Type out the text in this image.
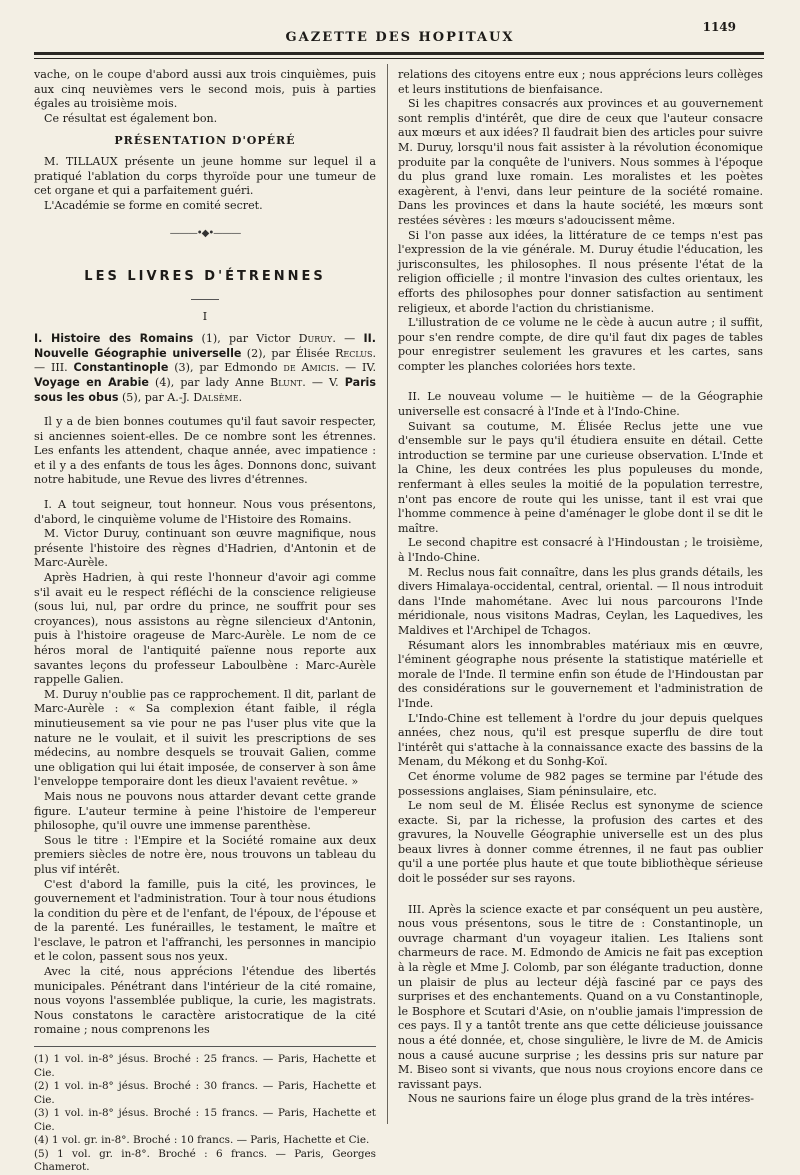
GAZETTE DES HOPITAUX
1149

vache, on le coupe d'abord aussi aux trois cinquièmes, puis aux cinq neuvièmes vers le second mois, puis à parties égales au troisième mois.

Ce résultat est également bon.

PRÉSENTATION D'OPÉRÉ

M. TILLAUX présente un jeune homme sur lequel il a pratiqué l'ablation du corps thyroïde pour une tumeur de cet organe et qui a parfaitement guéri.

L'Académie se forme en comité secret.

———•◆•———
LES LIVRES D'ÉTRENNES
I

I. Histoire des Romains (1), par Victor Duruy. — II. Nouvelle Géographie universelle (2), par Élisée Reclus. — III. Constantinople (3), par Edmondo de Amicis. — IV. Voyage en Arabie (4), par lady Anne Blunt. — V. Paris sous les obus (5), par A.-J. Dalsème.

Il y a de bien bonnes coutumes qu'il faut savoir respecter, si anciennes soient-elles. De ce nombre sont les étrennes. Les enfants les attendent, chaque année, avec impatience : et il y a des enfants de tous les âges. Donnons donc, suivant notre habitude, une Revue des livres d'étrennes.

I. A tout seigneur, tout honneur. Nous vous présentons, d'abord, le cinquième volume de l'Histoire des Romains.

M. Victor Duruy, continuant son œuvre magnifique, nous présente l'histoire des règnes d'Hadrien, d'Antonin et de Marc-Aurèle.

Après Hadrien, à qui reste l'honneur d'avoir agi comme s'il avait eu le respect réfléchi de la conscience religieuse (sous lui, nul, par ordre du prince, ne souffrit pour ses croyances), nous assistons au règne silencieux d'Antonin, puis à l'histoire orageuse de Marc-Aurèle. Le nom de ce héros moral de l'antiquité païenne nous reporte aux savantes leçons du professeur Laboulbène : Marc-Aurèle rappelle Galien.

M. Duruy n'oublie pas ce rapprochement. Il dit, parlant de Marc-Aurèle : « Sa complexion étant faible, il régla minutieusement sa vie pour ne pas l'user plus vite que la nature ne le voulait, et il suivit les prescriptions de ses médecins, au nombre desquels se trouvait Galien, comme une obligation qui lui était imposée, de conserver à son âme l'enveloppe temporaire dont les dieux l'avaient revêtue. »

Mais nous ne pouvons nous attarder devant cette grande figure. L'auteur termine à peine l'histoire de l'empereur philosophe, qu'il ouvre une immense parenthèse.

Sous le titre : l'Empire et la Société romaine aux deux premiers siècles de notre ère, nous trouvons un tableau du plus vif intérêt.

C'est d'abord la famille, puis la cité, les provinces, le gouvernement et l'administration. Tour à tour nous étudions la condition du père et de l'enfant, de l'époux, de l'épouse et de la parenté. Les funérailles, le testament, le maître et l'esclave, le patron et l'affranchi, les personnes in mancipio et le colon, passent sous nos yeux.

Avec la cité, nous apprécions l'étendue des libertés municipales. Pénétrant dans l'intérieur de la cité romaine, nous voyons l'assemblée publique, la curie, les magistrats. Nous constatons le caractère aristocratique de la cité romaine ; nous comprenons les

(1) 1 vol. in-8° jésus. Broché : 25 francs. — Paris, Hachette et Cie.

(2) 1 vol. in-8° jésus. Broché : 30 francs. — Paris, Hachette et Cie.

(3) 1 vol. in-8° jésus. Broché : 15 francs. — Paris, Hachette et Cie.

(4) 1 vol. gr. in-8°. Broché : 10 francs. — Paris, Hachette et Cie.

(5) 1 vol. gr. in-8°. Broché : 6 francs. — Paris, Georges Chamerot.

relations des citoyens entre eux ; nous apprécions leurs collèges et leurs institutions de bienfaisance.

Si les chapitres consacrés aux provinces et au gouvernement sont remplis d'intérêt, que dire de ceux que l'auteur consacre aux mœurs et aux idées? Il faudrait bien des articles pour suivre M. Duruy, lorsqu'il nous fait assister à la révolution économique produite par la conquête de l'univers. Nous sommes à l'époque du plus grand luxe romain. Les moralistes et les poètes exagèrent, à l'envi, dans leur peinture de la société romaine. Dans les provinces et dans la haute société, les mœurs sont restées sévères : les mœurs s'adoucissent même.

Si l'on passe aux idées, la littérature de ce temps n'est pas l'expression de la vie générale. M. Duruy étudie l'éducation, les jurisconsultes, les philosophes. Il nous présente l'état de la religion officielle ; il montre l'invasion des cultes orientaux, les efforts des philosophes pour donner satisfaction au sentiment religieux, et aborde l'action du christianisme.

L'illustration de ce volume ne le cède à aucun autre ; il suffit, pour s'en rendre compte, de dire qu'il faut dix pages de tables pour enregistrer seulement les gravures et les cartes, sans compter les planches coloriées hors texte.

II. Le nouveau volume — le huitième — de la Géographie universelle est consacré à l'Inde et à l'Indo-Chine.

Suivant sa coutume, M. Élisée Reclus jette une vue d'ensemble sur le pays qu'il étudiera ensuite en détail. Cette introduction se termine par une curieuse observation. L'Inde et la Chine, les deux contrées les plus populeuses du monde, renfermant à elles seules la moitié de la population terrestre, n'ont pas encore de route qui les unisse, tant il est vrai que l'homme commence à peine d'aménager le globe dont il se dit le maître.

Le second chapitre est consacré à l'Hindoustan ; le troisième, à l'Indo-Chine.

M. Reclus nous fait connaître, dans les plus grands détails, les divers Himalaya-occidental, central, oriental. — Il nous introduit dans l'Inde mahométane. Avec lui nous parcourons l'Inde méridionale, nous visitons Madras, Ceylan, les Laquedives, les Maldives et l'Archipel de Tchagos.

Résumant alors les innombrables matériaux mis en œuvre, l'éminent géographe nous présente la statistique matérielle et morale de l'Inde. Il termine enfin son étude de l'Hindoustan par des considérations sur le gouvernement et l'administration de l'Inde.

L'Indo-Chine est tellement à l'ordre du jour depuis quelques années, chez nous, qu'il est presque superflu de dire tout l'intérêt qui s'attache à la connaissance exacte des bassins de la Menam, du Mékong et du Sonhg-Koï.

Cet énorme volume de 982 pages se termine par l'étude des possessions anglaises, Siam péninsulaire, etc.

Le nom seul de M. Élisée Reclus est synonyme de science exacte. Si, par la richesse, la profusion des cartes et des gravures, la Nouvelle Géographie universelle est un des plus beaux livres à donner comme étrennes, il ne faut pas oublier qu'il a une portée plus haute et que toute bibliothèque sérieuse doit le posséder sur ses rayons.

III. Après la science exacte et par conséquent un peu austère, nous vous présentons, sous le titre de : Constantinople, un ouvrage charmant d'un voyageur italien. Les Italiens sont charmeurs de race. M. Edmondo de Amicis ne fait pas exception à la règle et Mme J. Colomb, par son élégante traduction, donne un plaisir de plus au lecteur déjà fasciné par ce pays des surprises et des enchantements. Quand on a vu Constantinople, le Bosphore et Scutari d'Asie, on n'oublie jamais l'impression de ces pays. Il y a tantôt trente ans que cette délicieuse jouissance nous a été donnée, et, chose singulière, le livre de M. de Amicis nous a causé aucune surprise ; les dessins pris sur nature par M. Biseo sont si vivants, que nous nous croyions encore dans ce ravissant pays.

Nous ne saurions faire un éloge plus grand de la très intéres-
